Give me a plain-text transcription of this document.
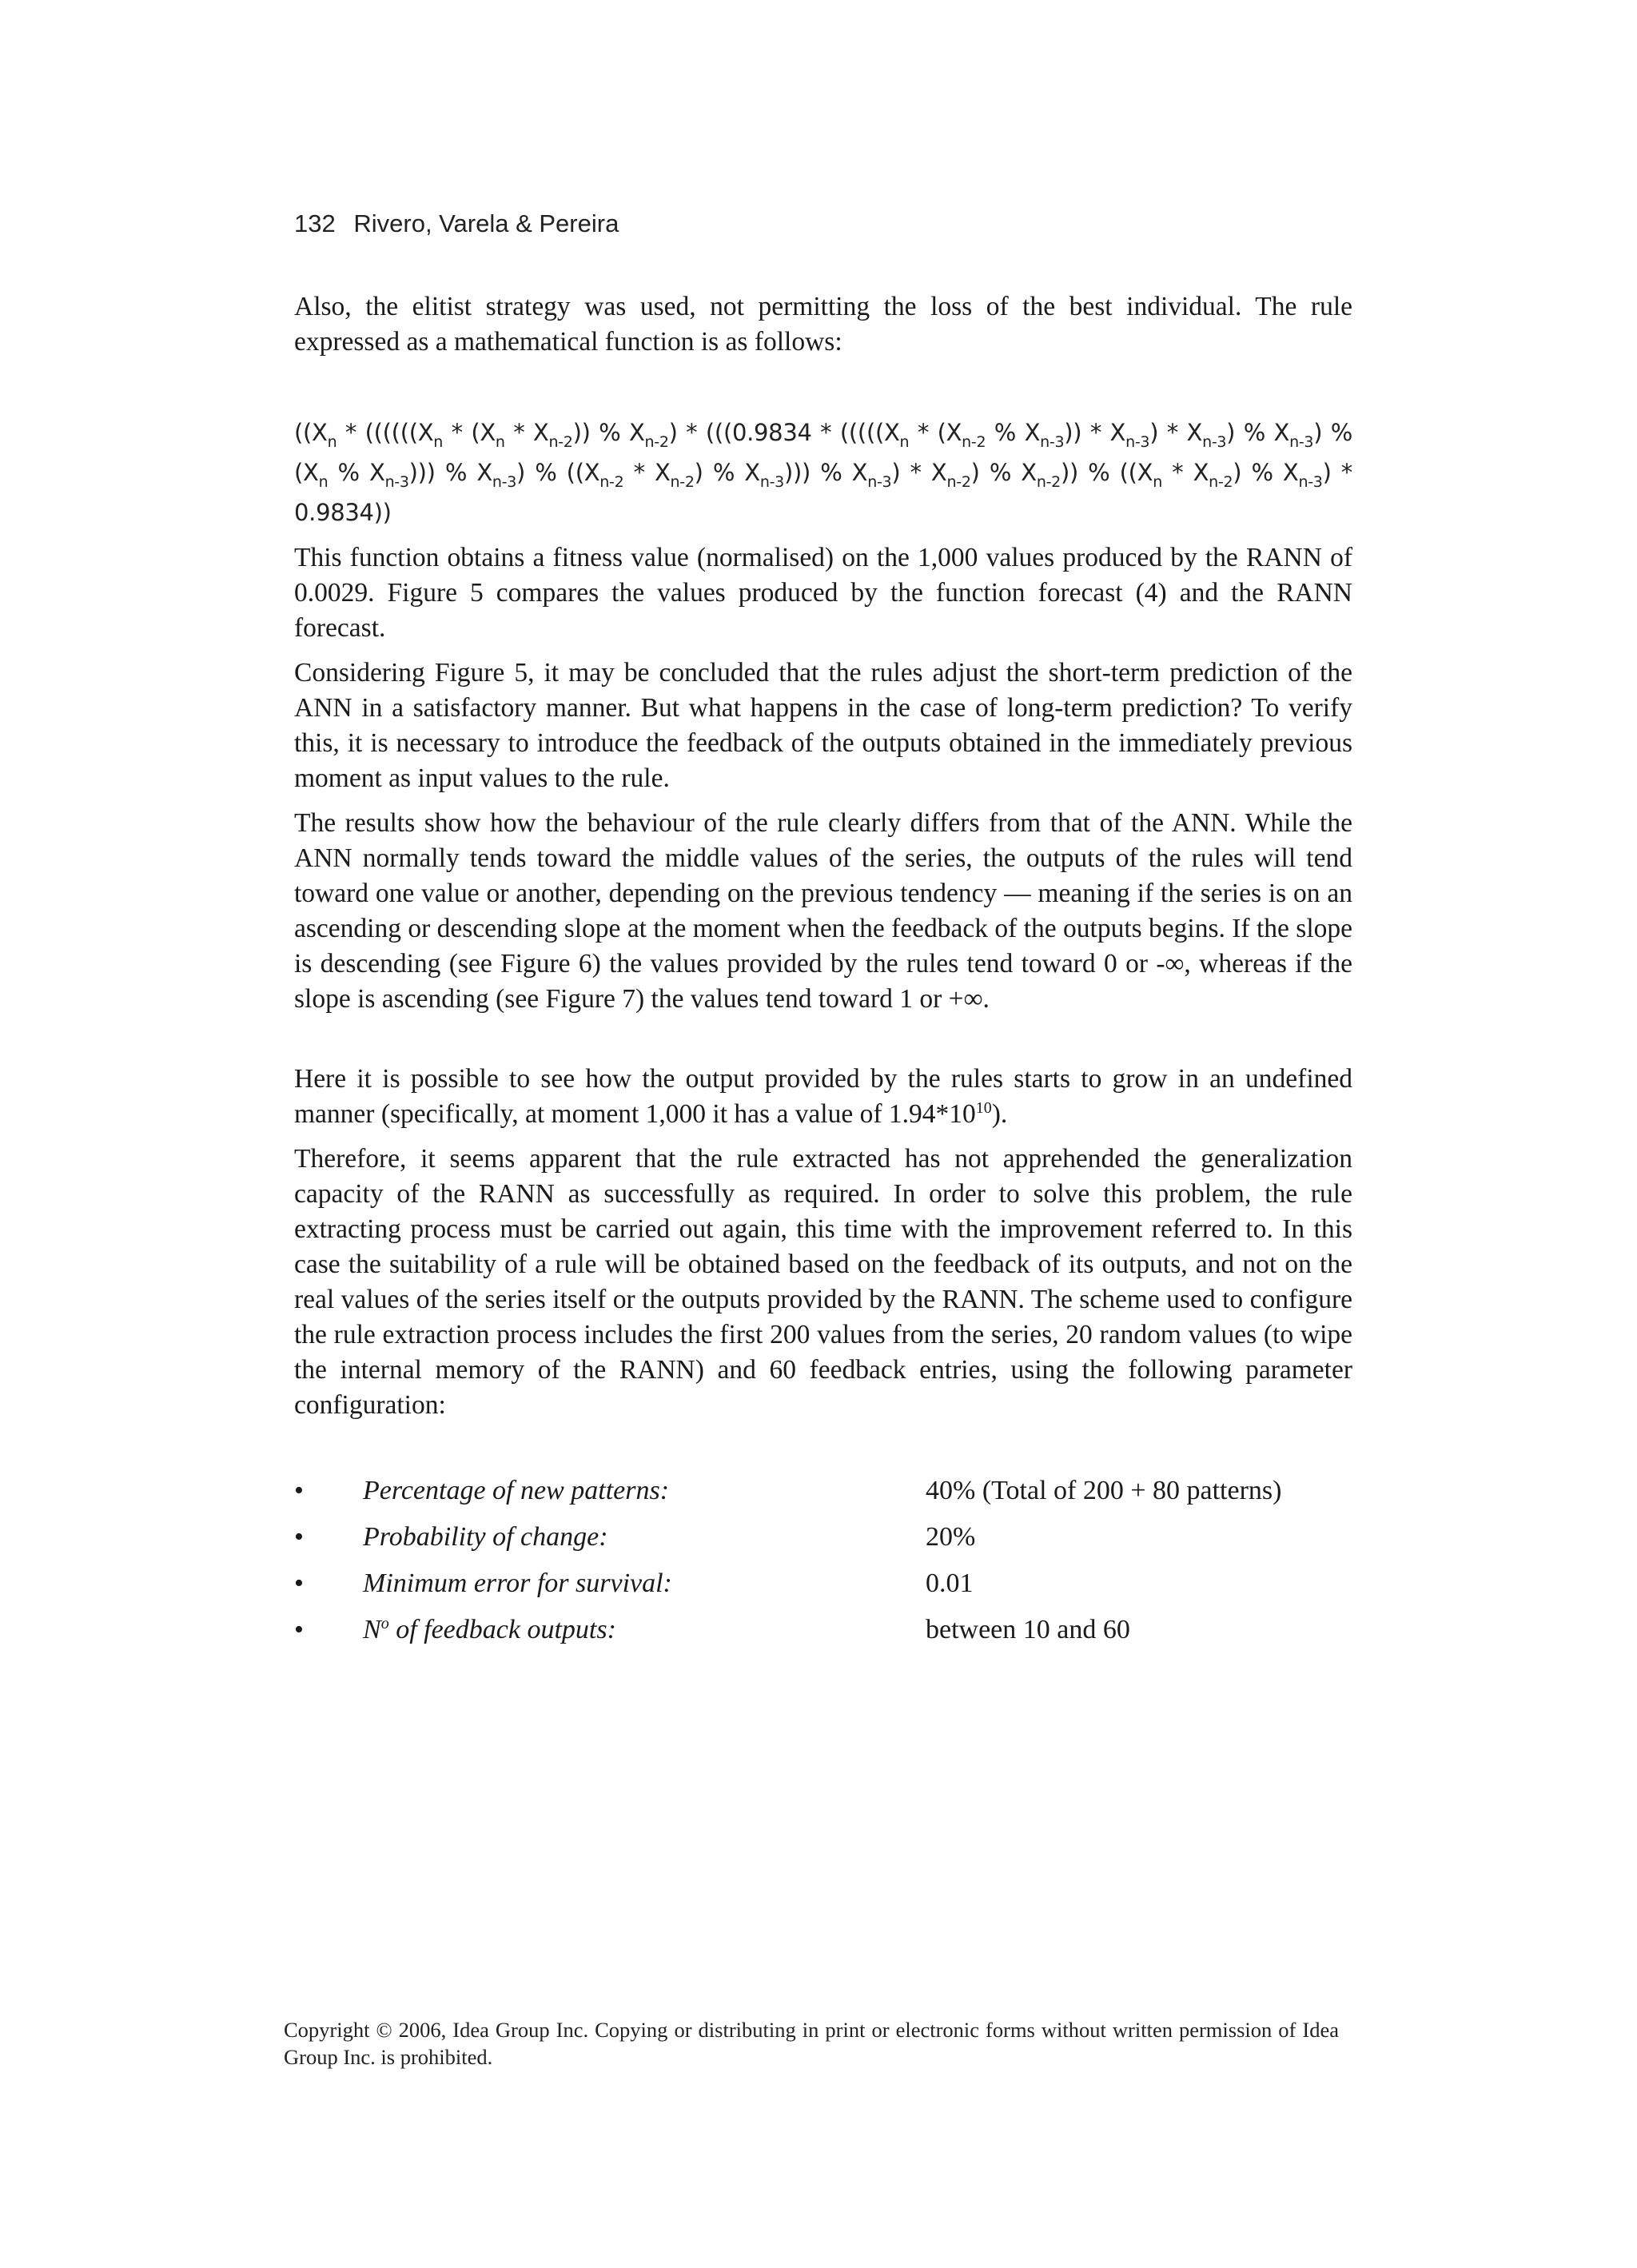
132 Rivero, Varela & Pereira

Also, the elitist strategy was used, not permitting the loss of the best individual. The rule expressed as a mathematical function is as follows:

(($X_n * ((((((X_n * (X_n * X_{n-2}))$ % $X_{n-2}) * (((0.9834 * (((((X_n * (X_{n-2}$ % $X_{n-3})) * X_{n-3}) * X_{n-3}$) % $X_{n-3}$) % ($X_n$ % $X_{n-3}$))) % $X_{n-3}$) % ($(X_{n-2} * X_{n-2})$ % $X_{n-3}$))) % $X_{n-3}) * X_{n-2}$) % $X_{n-2}$)) % ($(X_n * X_{n-2})$ % $X_{n-3}) * 0.9834$))

This function obtains a fitness value (normalised) on the 1,000 values produced by the RANN of 0.0029. Figure 5 compares the values produced by the function forecast (4) and the RANN forecast.

Considering Figure 5, it may be concluded that the rules adjust the short-term prediction of the ANN in a satisfactory manner. But what happens in the case of long-term prediction? To verify this, it is necessary to introduce the feedback of the outputs obtained in the immediately previous moment as input values to the rule.

The results show how the behaviour of the rule clearly differs from that of the ANN. While the ANN normally tends toward the middle values of the series, the outputs of the rules will tend toward one value or another, depending on the previous tendency — meaning if the series is on an ascending or descending slope at the moment when the feedback of the outputs begins. If the slope is descending (see Figure 6) the values provided by the rules tend toward 0 or -∞, whereas if the slope is ascending (see Figure 7) the values tend toward 1 or +∞.

Here it is possible to see how the output provided by the rules starts to grow in an undefined manner (specifically, at moment 1,000 it has a value of $1.94*10^{10}$).

Therefore, it seems apparent that the rule extracted has not apprehended the generalization capacity of the RANN as successfully as required. In order to solve this problem, the rule extracting process must be carried out again, this time with the improvement referred to. In this case the suitability of a rule will be obtained based on the feedback of its outputs, and not on the real values of the series itself or the outputs provided by the RANN. The scheme used to configure the rule extraction process includes the first 200 values from the series, 20 random values (to wipe the internal memory of the RANN) and 60 feedback entries, using the following parameter configuration:

• Percentage of new patterns:	40% (Total of 200 + 80 patterns)
• Probability of change:	20%
• Minimum error for survival:	0.01
• $N^o$ of feedback outputs:	between 10 and 60

Copyright © 2006, Idea Group Inc. Copying or distributing in print or electronic forms without written permission of Idea Group Inc. is prohibited.
